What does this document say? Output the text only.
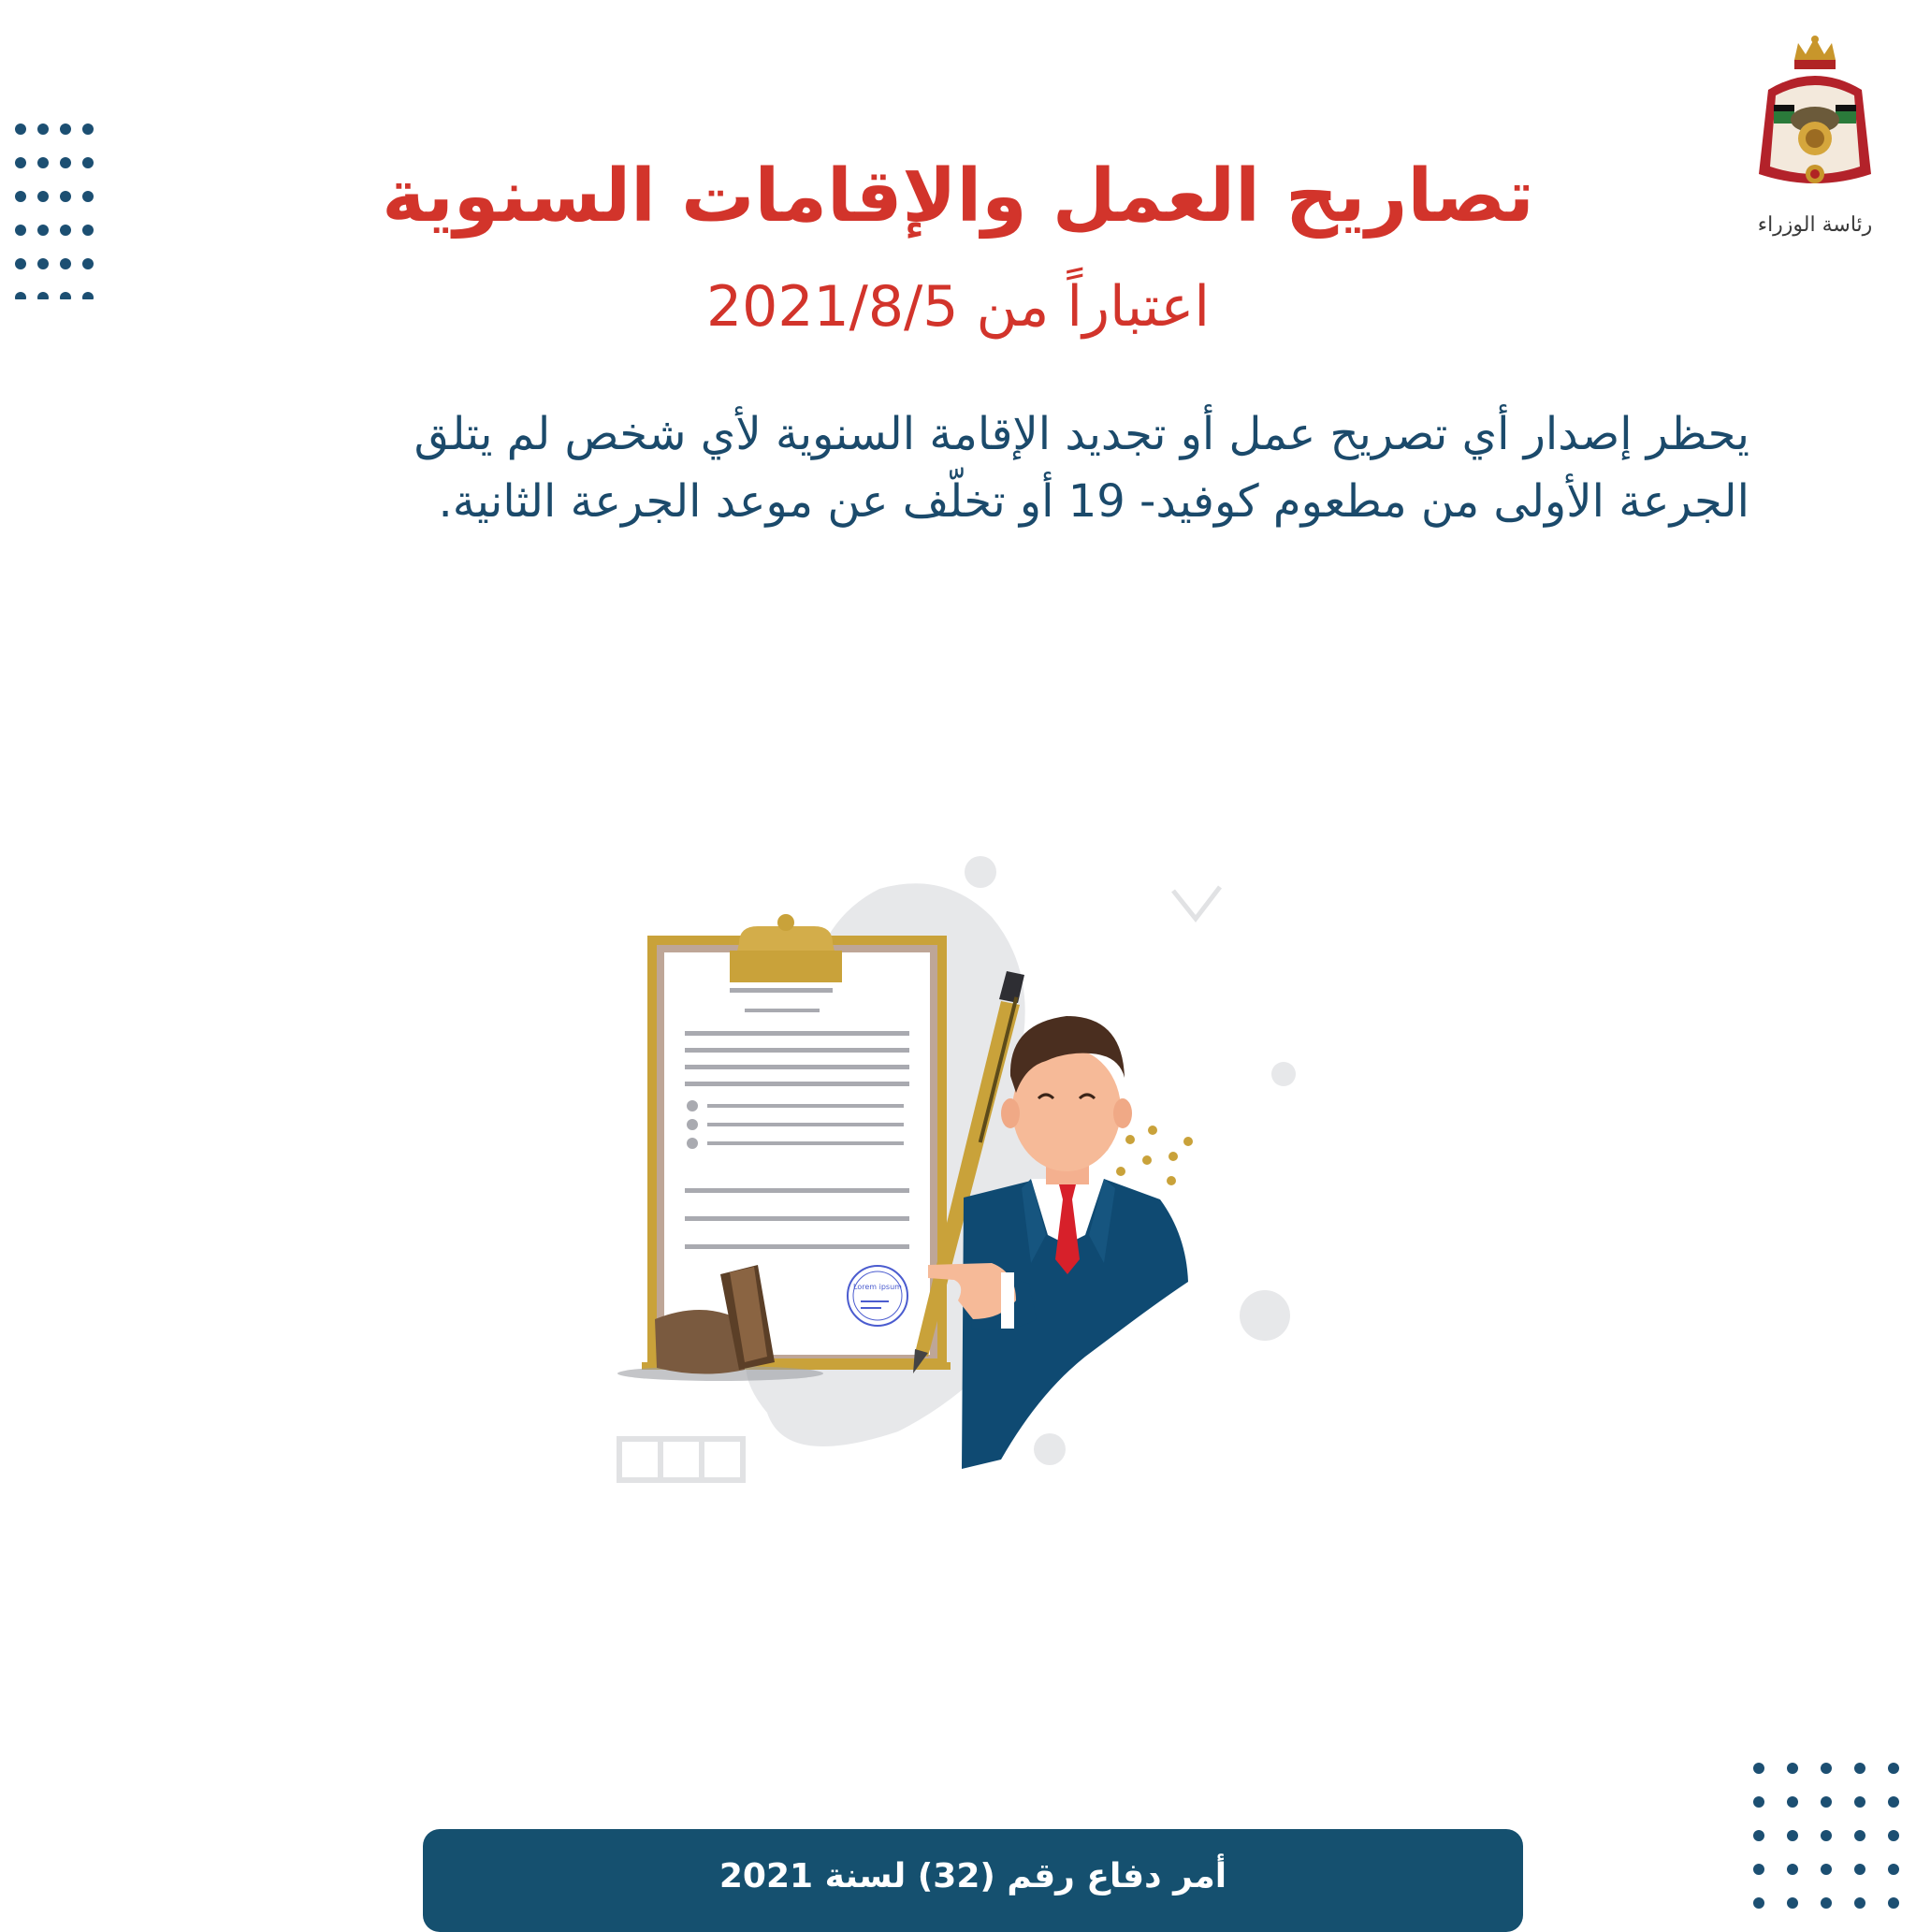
رئاسة الوزراء
تصاريح العمل والإقامات السنوية
اعتباراً من 2021/8/5
يحظر إصدار أي تصريح عمل أو تجديد الإقامة السنوية لأي شخص لم يتلق
الجرعة الأولى من مطعوم كوفيد- 19 أو تخلّف عن موعد الجرعة الثانية.
Lorem ipsum
أمر دفاع رقم (32) لسنة 2021
